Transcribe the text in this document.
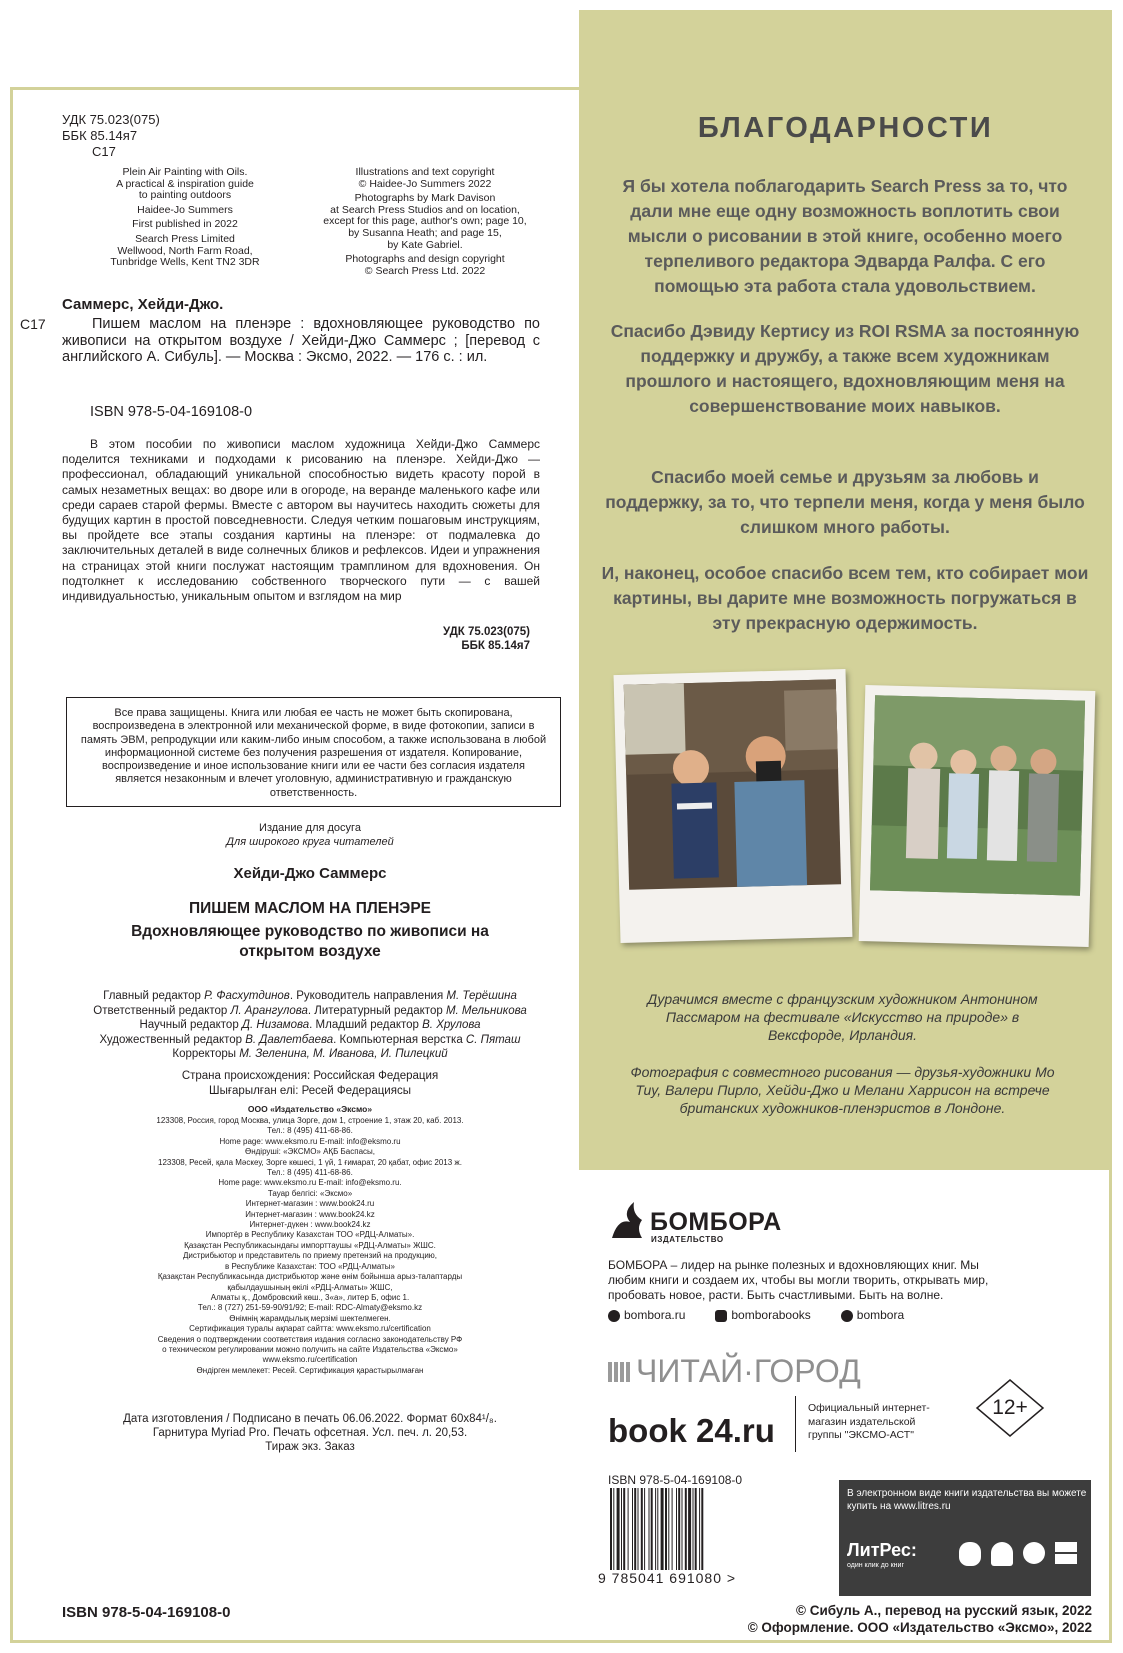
УДК 75.023(075)
ББК 85.14я7
С17
Plein Air Painting with Oils.
A practical & inspiration guide
to painting outdoors
Haidee-Jo Summers
First published in 2022
Search Press Limited
Wellwood, North Farm Road,
Tunbridge Wells, Kent TN2 3DR
Illustrations and text copyright
© Haidee-Jo Summers 2022
Photographs by Mark Davison
at Search Press Studios and on location,
except for this page, author's own; page 10,
by Susanna Heath; and page 15,
by Kate Gabriel.
Photographs and design copyright
© Search Press Ltd. 2022
Саммерс, Хейди-Джо.
С17	Пишем маслом на пленэре : вдохновляющее руководство по живописи на открытом воздухе / Хейди-Джо Саммерс ; [перевод с английского А. Сибуль]. — Москва : Эксмо, 2022. — 176 с. : ил.
ISBN 978-5-04-169108-0
В этом пособии по живописи маслом художница Хейди-Джо Саммерс поделится техниками и подходами к рисованию на пленэре. Хейди-Джо — профессионал, обладающий уникальной способностью видеть красоту порой в самых незаметных вещах: во дворе или в огороде, на веранде маленького кафе или среди сараев старой фермы. Вместе с автором вы научитесь находить сюжеты для будущих картин в простой повседневности. Следуя четким пошаговым инструкциям, вы пройдете все этапы создания картины на пленэре: от подмалевка до заключительных деталей в виде солнечных бликов и рефлексов. Идеи и упражнения на страницах этой книги послужат настоящим трамплином для вдохновения. Он подтолкнет к исследованию собственного творческого пути — с вашей индивидуальностью, уникальным опытом и взглядом на мир
УДК 75.023(075)
ББК 85.14я7
Все права защищены. Книга или любая ее часть не может быть скопирована, воспроизведена в электронной или механической форме, в виде фотокопии, записи в память ЭВМ, репродукции или каким-либо иным способом, а также использована в любой информационной системе без получения разрешения от издателя. Копирование, воспроизведение и иное использование книги или ее части без согласия издателя является незаконным и влечет уголовную, административную и гражданскую ответственность.
Издание для досуга
Для широкого круга читателей
Хейди-Джо Саммерс
ПИШЕМ МАСЛОМ НА ПЛЕНЭРЕ
Вдохновляющее руководство по живописи на
открытом воздухе
Главный редактор Р. Фасхутдинов. Руководитель направления М. Терёшина
Ответственный редактор Л. Арангулова. Литературный редактор М. Мельникова
Научный редактор Д. Низамова. Младший редактор В. Хрулова
Художественный редактор В. Давлетбаева. Компьютерная верстка С. Пяташ
Корректоры М. Зеленина, М. Иванова, И. Пилецкий
Страна происхождения: Российская Федерация
Шығарылған елі: Ресей Федерациясы
ООО «Издательство «Эксмо»
123308, Россия, город Москва, улица Зорге, дом 1, строение 1, этаж 20, каб. 2013.
Тел.: 8 (495) 411-68-86.
Home page: www.eksmo.ru E-mail: info@eksmo.ru
Өндіруші: «ЭКСМО» АҚБ Баспасы,
123308, Ресей, қала Мәскеу, Зорге көшесі, 1 үй, 1 ғимарат, 20 қабат, офис 2013 ж.
Тел.: 8 (495) 411-68-86.
Home page: www.eksmo.ru E-mail: info@eksmo.ru.
Тауар белгісі: «Эксмо»
Интернет-магазин : www.book24.ru
Интернет-магазин : www.book24.kz
Интернет-дүкен : www.book24.kz
Импортёр в Республику Казахстан ТОО «РДЦ-Алматы».
Қазақстан Республикасындағы импорттаушы «РДЦ-Алматы» ЖШС.
Дистрибьютор и представитель по приему претензий на продукцию,
в Республике Казахстан: ТОО «РДЦ-Алматы»
Қазақстан Республикасында дистрибьютор және өнім бойынша арыз-талаптарды
қабылдаушының өкілі «РДЦ-Алматы» ЖШС,
Алматы қ., Домбровский көш., 3«а», литер Б, офис 1.
Тел.: 8 (727) 251-59-90/91/92; E-mail: RDC-Almaty@eksmo.kz
Өнімнің жарамдылық мерзімі шектелмеген.
Сертификация туралы ақпарат сайтта: www.eksmo.ru/certification
Сведения о подтверждении соответствия издания согласно законодательству РФ
о техническом регулировании можно получить на сайте Издательства «Эксмо»
www.eksmo.ru/certification
Өндірген мемлекет: Ресей. Сертификация қарастырылмаған
Дата изготовления / Подписано в печать 06.06.2022. Формат 60x84¹/₈.
Гарнитура Myriad Pro. Печать офсетная. Усл. печ. л. 20,53.
Тираж экз. Заказ
ISBN 978-5-04-169108-0
БЛАГОДАРНОСТИ
Я бы хотела поблагодарить Search Press за то, что дали мне еще одну возможность воплотить свои мысли о рисовании в этой книге, особенно моего терпеливого редактора Эдварда Ралфа. С его помощью эта работа стала удовольствием.
Спасибо Дэвиду Кертису из ROI RSMA за постоянную поддержку и дружбу, а также всем художникам прошлого и настоящего, вдохновляющим меня на совершенствование моих навыков.
Спасибо моей семье и друзьям за любовь и поддержку, за то, что терпели меня, когда у меня было слишком много работы.
И, наконец, особое спасибо всем тем, кто собирает мои картины, вы дарите мне возможность погружаться в эту прекрасную одержимость.
Дурачимся вместе с французским художником Антонином Пассмаром на фестивале «Искусство на природе» в Вексфорде, Ирландия.
Фотография с совместного рисования — друзья-художники Мо Тиу, Валери Пирло, Хейди-Джо и Мелани Харрисон на встрече британских художников-пленэристов в Лондоне.
БОМБОРА
ИЗДАТЕЛЬСТВО
БОМБОРА – лидер на рынке полезных и вдохновляющих книг. Мы любим книги и создаем их, чтобы вы могли творить, открывать мир, пробовать новое, расти. Быть счастливыми. Быть на волне.
bombora.ru	bomborabooks	bombora
ЧИТАЙ·ГОРОД
12+
book 24.ru
Официальный интернет-магазин издательской группы "ЭКСМО-АСТ"
ISBN 978-5-04-169108-0
9 785041 691080 >
В электронном виде книги издательства вы можете
купить на www.litres.ru
ЛитРес:
один клик до книг
© Сибуль А., перевод на русский язык, 2022
© Оформление. ООО «Издательство «Эксмо», 2022
